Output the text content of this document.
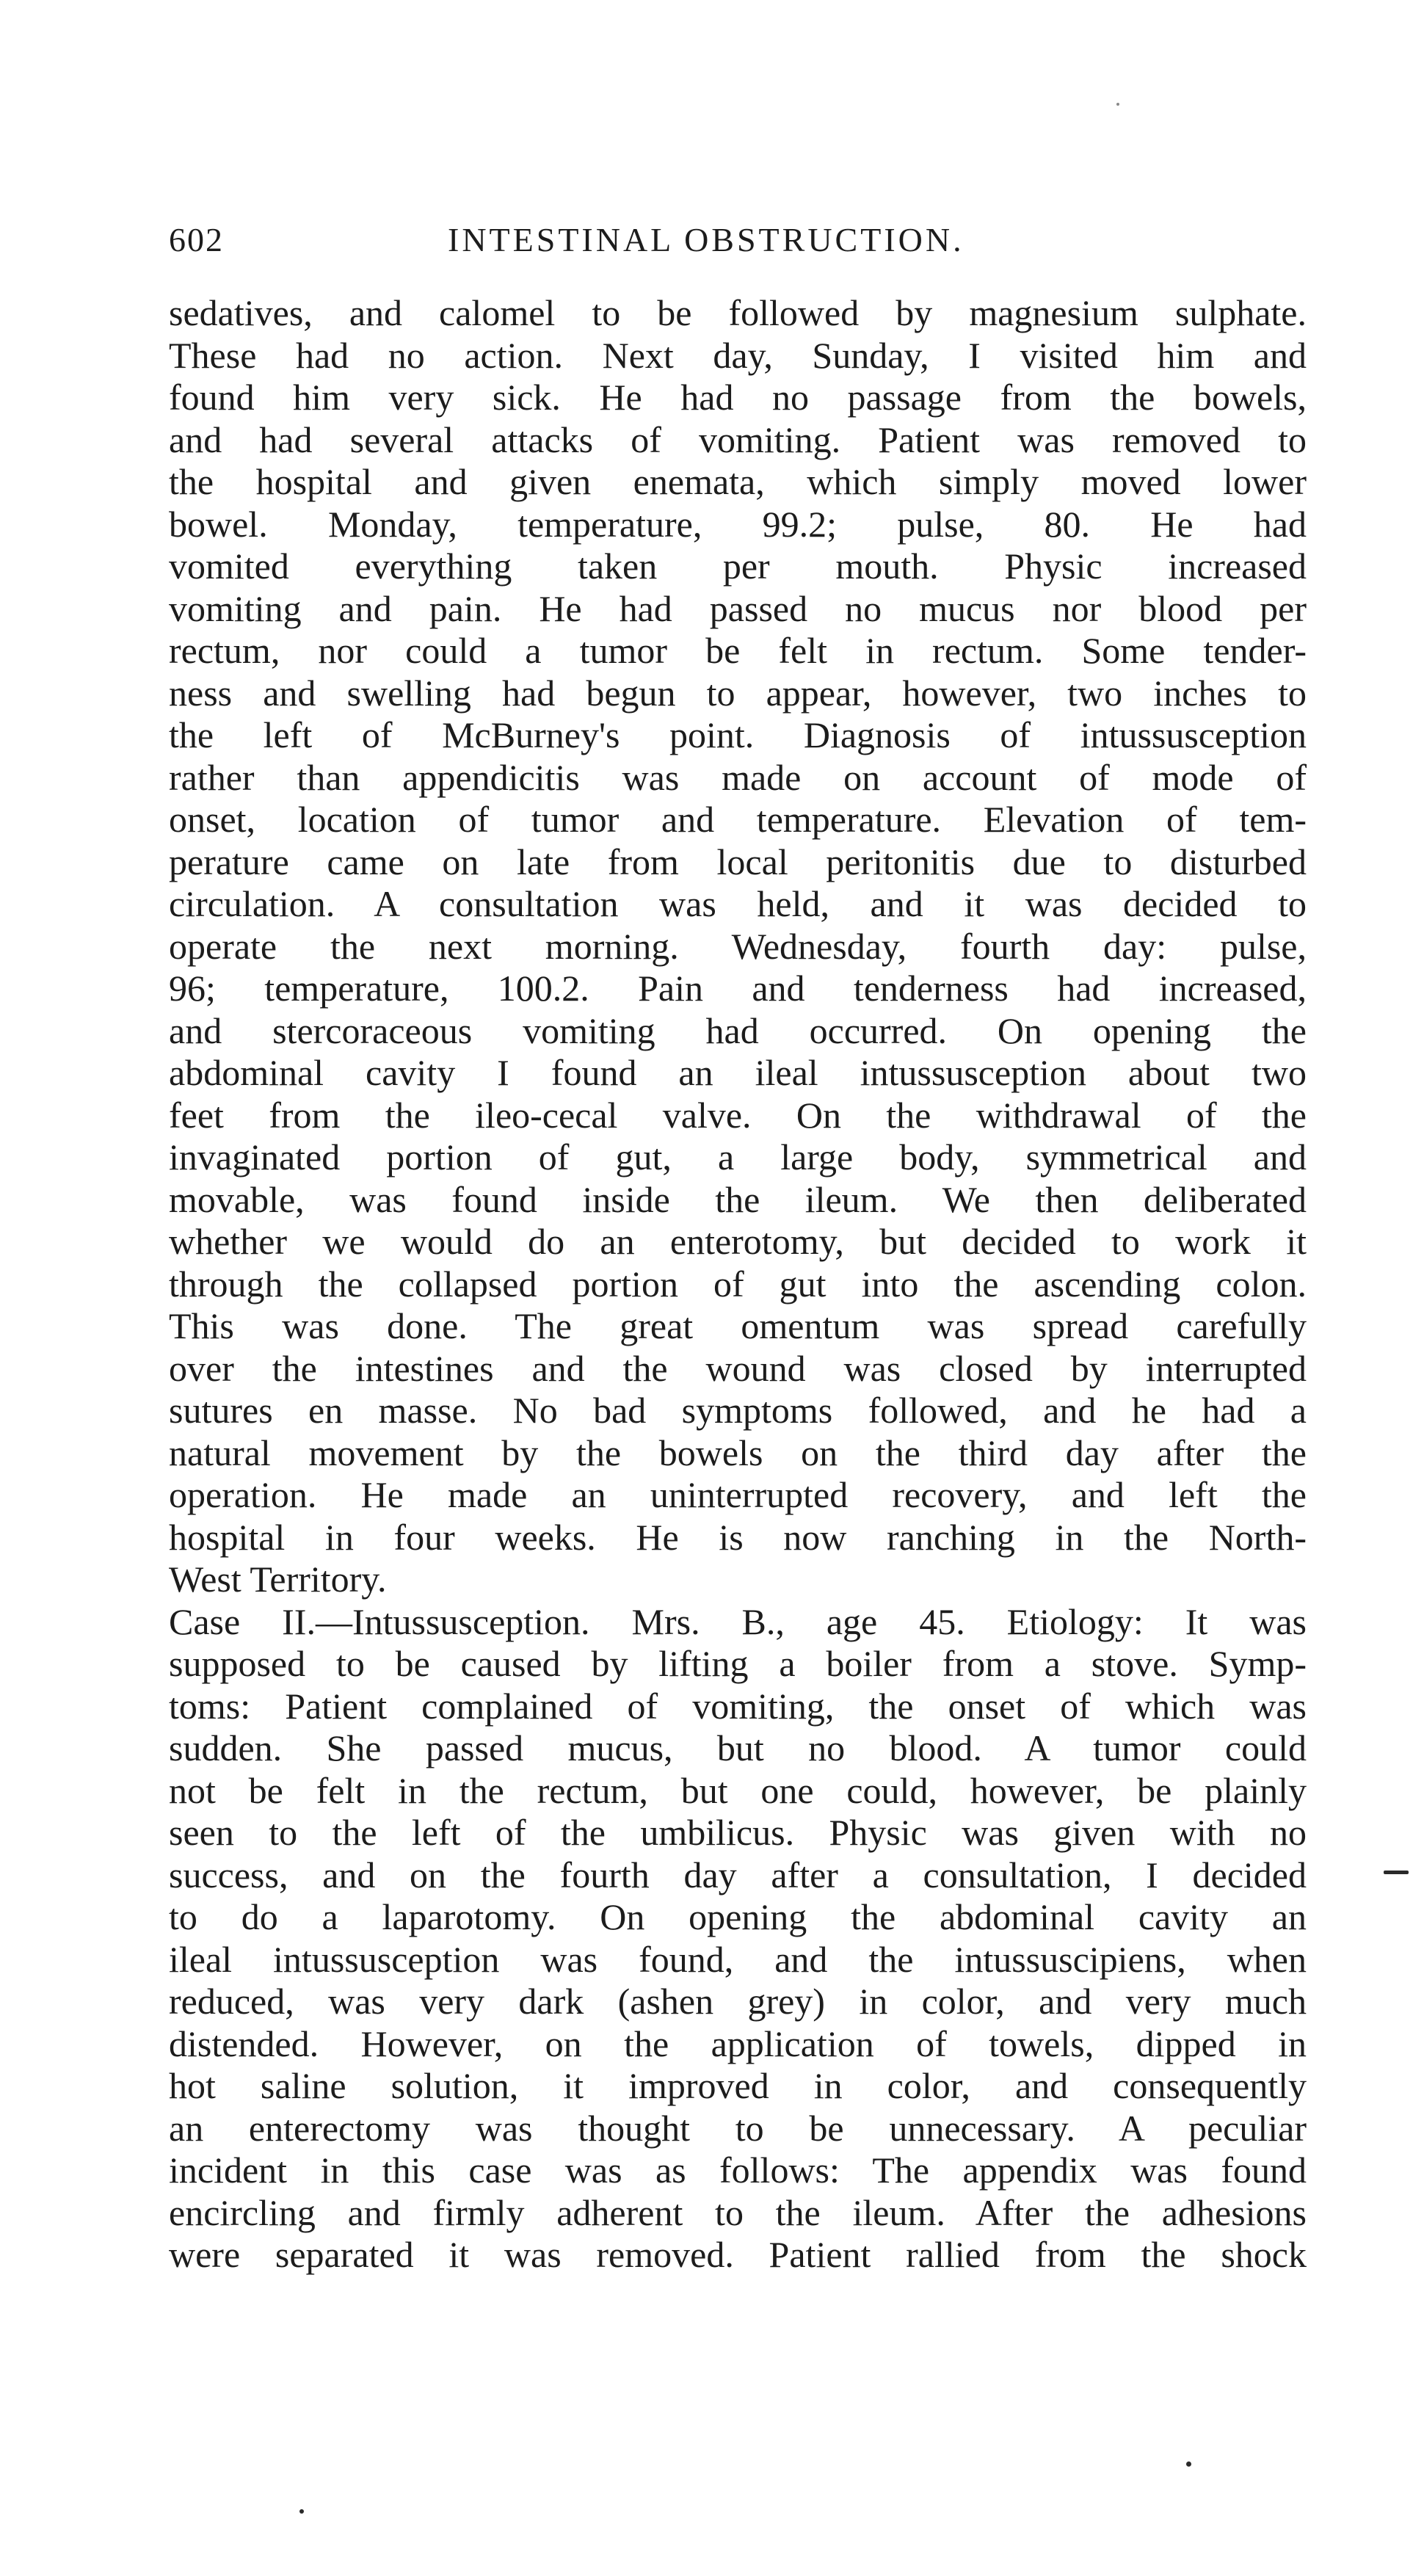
602	INTESTINAL OBSTRUCTION.
sedatives, and calomel to be followed by magnesium sulphate.
These had no action. Next day, Sunday, I visited him and
found him very sick. He had no passage from the bowels,
and had several attacks of vomiting. Patient was removed to
the hospital and given enemata, which simply moved lower
bowel. Monday, temperature, 99.2; pulse, 80. He had
vomited everything taken per mouth. Physic increased
vomiting and pain. He had passed no mucus nor blood per
rectum, nor could a tumor be felt in rectum. Some tender-
ness and swelling had begun to appear, however, two inches to
the left of McBurney's point. Diagnosis of intussusception
rather than appendicitis was made on account of mode of
onset, location of tumor and temperature. Elevation of tem-
perature came on late from local peritonitis due to disturbed
circulation. A consultation was held, and it was decided to
operate the next morning. Wednesday, fourth day: pulse,
96; temperature, 100.2. Pain and tenderness had increased,
and stercoraceous vomiting had occurred. On opening the
abdominal cavity I found an ileal intussusception about two
feet from the ileo-cecal valve. On the withdrawal of the
invaginated portion of gut, a large body, symmetrical and
movable, was found inside the ileum. We then deliberated
whether we would do an enterotomy, but decided to work it
through the collapsed portion of gut into the ascending colon.
This was done. The great omentum was spread carefully
over the intestines and the wound was closed by interrupted
sutures en masse. No bad symptoms followed, and he had a
natural movement by the bowels on the third day after the
operation. He made an uninterrupted recovery, and left the
hospital in four weeks. He is now ranching in the North-
West Territory.
Case II.—Intussusception. Mrs. B., age 45. Etiology: It was
supposed to be caused by lifting a boiler from a stove. Symp-
toms: Patient complained of vomiting, the onset of which was
sudden. She passed mucus, but no blood. A tumor could
not be felt in the rectum, but one could, however, be plainly
seen to the left of the umbilicus. Physic was given with no
success, and on the fourth day after a consultation, I decided
to do a laparotomy. On opening the abdominal cavity an
ileal intussusception was found, and the intussuscipiens, when
reduced, was very dark (ashen grey) in color, and very much
distended. However, on the application of towels, dipped in
hot saline solution, it improved in color, and consequently
an enterectomy was thought to be unnecessary. A peculiar
incident in this case was as follows: The appendix was found
encircling and firmly adherent to the ileum. After the adhesions
were separated it was removed. Patient rallied from the shock
